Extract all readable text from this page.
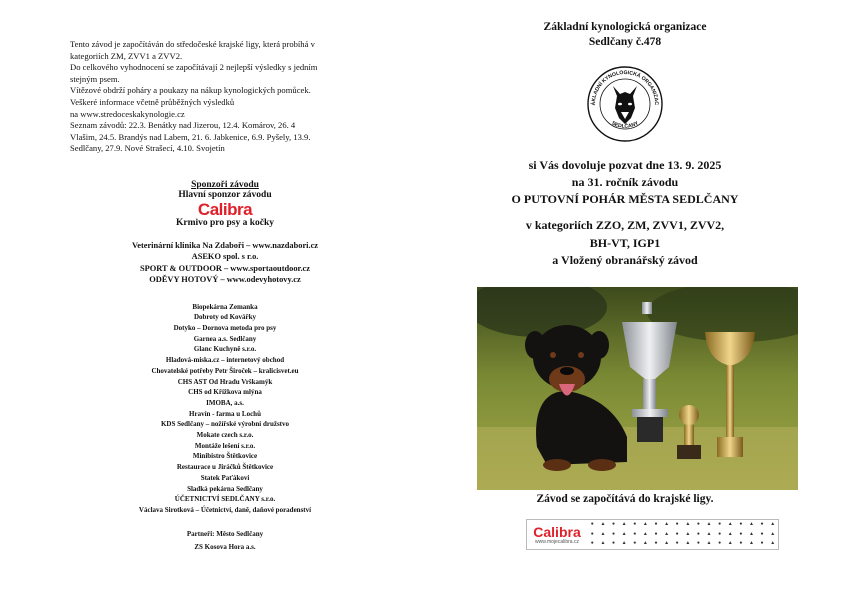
Tento závod je započítáván do středočeské krajské ligy, která probíhá v
kategoriích ZM, ZVV1 a ZVV2.
Do celkového vyhodnocení se započítávají 2 nejlepší výsledky s jedním
stejným psem.
Vítězové obdrží poháry a poukazy na nákup kynologických pomůcek.
Veškeré informace včetně průběžných výsledků
na www.stredoceskakynologie.cz
Seznam závodů: 22.3. Benátky nad Jizerou, 12.4. Komárov, 26. 4
Vlašim, 24.5. Brandýs nad Labem, 21. 6. Jabkenice, 6.9. Pyšely, 13.9.
Sedlčany, 27.9. Nové Strašecí, 4.10. Svojetín
Sponzoři závodu
Hlavní sponzor závodu
Calibra
Krmivo pro psy a kočky
Veterinární klinika Na Zdaboři – www.nazdabori.cz
ASEKO spol. s r.o.
SPORT & OUTDOOR – www.sportaoutdoor.cz
ODĚVY HOTOVÝ – www.odevyhotovy.cz
Biopekárna Zemanka
Dobroty od Kovářky
Dotyko – Dornova metoda pro psy
Garnea a.s. Sedlčany
Glanc Kuchyně s.r.o.
Hladová-miska.cz – internetový obchod
Chovatelské potřeby Petr Široček – kralicisvet.eu
CHS AST Od Hradu Vrškamýk
CHS od Křížkova mlýna
IMOBA, a.s.
Hravín - farma u Lochů
KDS Sedlčany – nožířské výrobní družstvo
Mokate czech s.r.o.
Montáže lešení s.r.o.
Minibistro Štětkovice
Restaurace u Jiráčků Štětkovice
Statek Paťákovi
Sladká pekárna Sedlčany
ÚČETNICTVÍ SEDLČANY s.r.o.
Václava Sirotková – Účetnictví, daně, daňové poradenství
Partneři: Město Sedlčany
ZS Kosova Hora a.s.
Základní kynologická organizace
Sedlčany č.478
ÁKLADNÍ KYNOLOGICKÁ ORGANIZAC
SEDLČANY
si Vás dovoluje pozvat dne 13. 9. 2025
na 31. ročník závodu
O PUTOVNÍ POHÁR MĚSTA SEDLČANY
v kategoriích ZZO, ZM, ZVV1, ZVV2,
BH-VT, IGP1
a Vložený obranářský závod
Závod se započítává do krajské ligy.
Calibra
www.mojecalibra.cz
●	▲	●	▲	●	▲	●	▲	●	▲	●	▲	●	▲	●	▲	●	▲
●	▲	●	▲	●	▲	●	▲	●	▲	●	▲	●	▲	●	▲	●	▲
●	▲	●	▲	●	▲	●	▲	●	▲	●	▲	●	▲	●	▲	●	▲
